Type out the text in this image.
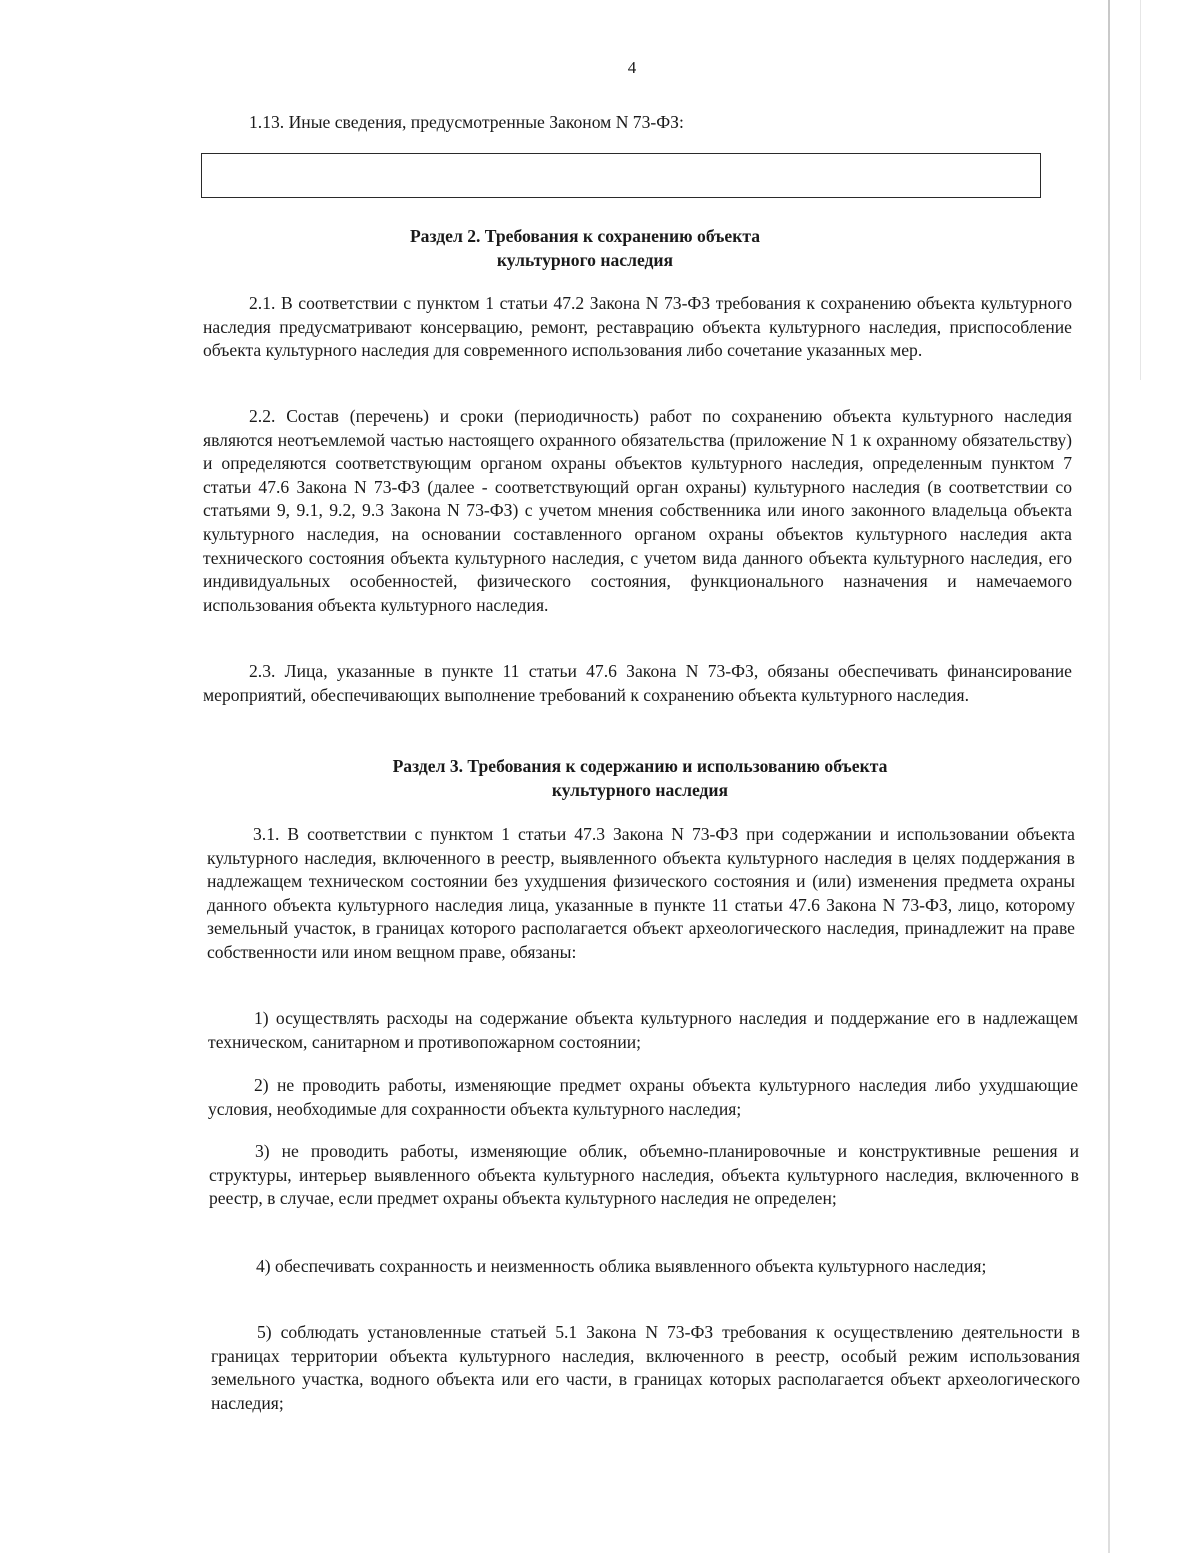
4
1.13. Иные сведения, предусмотренные Законом N 73-ФЗ:
Раздел 2. Требования к сохранению объекта
культурного наследия
2.1. В соответствии с пунктом 1 статьи 47.2 Закона N 73-ФЗ требования к сохранению объекта культурного наследия предусматривают консервацию, ремонт, реставрацию объекта культурного наследия, приспособление объекта культурного наследия для современного использования либо сочетание указанных мер.
2.2. Состав (перечень) и сроки (периодичность) работ по сохранению объекта культурного наследия являются неотъемлемой частью настоящего охранного обязательства (приложение N 1 к охранному обязательству) и определяются соответствующим органом охраны объектов культурного наследия, определенным пунктом 7 статьи 47.6 Закона N 73-ФЗ (далее - соответствующий орган охраны) культурного наследия (в соответствии со статьями 9, 9.1, 9.2, 9.3 Закона N 73-ФЗ) с учетом мнения собственника или иного законного владельца объекта культурного наследия, на основании составленного органом охраны объектов культурного наследия акта технического состояния объекта культурного наследия, с учетом вида данного объекта культурного наследия, его индивидуальных особенностей, физического состояния, функционального назначения и намечаемого использования объекта культурного наследия.
2.3. Лица, указанные в пункте 11 статьи 47.6 Закона N 73-ФЗ, обязаны обеспечивать финансирование мероприятий, обеспечивающих выполнение требований к сохранению объекта культурного наследия.
Раздел 3. Требования к содержанию и использованию объекта
культурного наследия
3.1. В соответствии с пунктом 1 статьи 47.3 Закона N 73-ФЗ при содержании и использовании объекта культурного наследия, включенного в реестр, выявленного объекта культурного наследия в целях поддержания в надлежащем техническом состоянии без ухудшения физического состояния и (или) изменения предмета охраны данного объекта культурного наследия лица, указанные в пункте 11 статьи 47.6 Закона N 73-ФЗ, лицо, которому земельный участок, в границах которого располагается объект археологического наследия, принадлежит на праве собственности или ином вещном праве, обязаны:
1) осуществлять расходы на содержание объекта культурного наследия и поддержание его в надлежащем техническом, санитарном и противопожарном состоянии;
2) не проводить работы, изменяющие предмет охраны объекта культурного наследия либо ухудшающие условия, необходимые для сохранности объекта культурного наследия;
3) не проводить работы, изменяющие облик, объемно-планировочные и конструктивные решения и структуры, интерьер выявленного объекта культурного наследия, объекта культурного наследия, включенного в реестр, в случае, если предмет охраны объекта культурного наследия не определен;
4) обеспечивать сохранность и неизменность облика выявленного объекта культурного наследия;
5) соблюдать установленные статьей 5.1 Закона N 73-ФЗ требования к осуществлению деятельности в границах территории объекта культурного наследия, включенного в реестр, особый режим использования земельного участка, водного объекта или его части, в границах которых располагается объект археологического наследия;
